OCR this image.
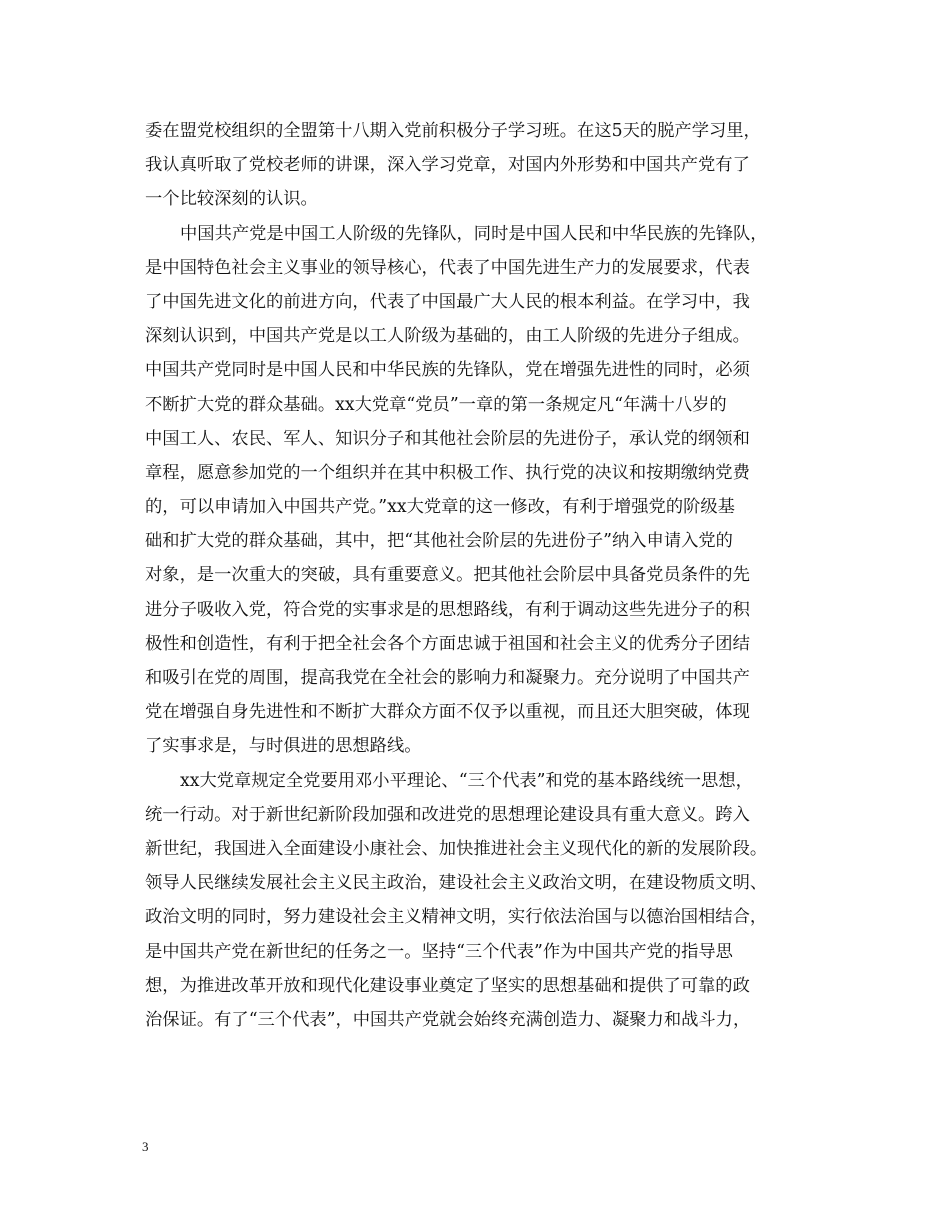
委在盟党校组织的全盟第十八期入党前积极分子学习班。在这5天的脱产学习里，
我认真听取了党校老师的讲课，深入学习党章，对国内外形势和中国共产党有了
一个比较深刻的认识。
中国共产党是中国工人阶级的先锋队，同时是中国人民和中华民族的先锋队，
是中国特色社会主义事业的领导核心，代表了中国先进生产力的发展要求，代表
了中国先进文化的前进方向，代表了中国最广大人民的根本利益。在学习中，我
深刻认识到，中国共产党是以工人阶级为基础的，由工人阶级的先进分子组成。
中国共产党同时是中国人民和中华民族的先锋队，党在增强先进性的同时，必须
不断扩大党的群众基础。xx大党章“党员”一章的第一条规定凡“年满十八岁的
中国工人、农民、军人、知识分子和其他社会阶层的先进份子，承认党的纲领和
章程，愿意参加党的一个组织并在其中积极工作、执行党的决议和按期缴纳党费
的，可以申请加入中国共产党。”xx大党章的这一修改，有利于增强党的阶级基
础和扩大党的群众基础，其中，把“其他社会阶层的先进份子”纳入申请入党的
对象，是一次重大的突破，具有重要意义。把其他社会阶层中具备党员条件的先
进分子吸收入党，符合党的实事求是的思想路线，有利于调动这些先进分子的积
极性和创造性，有利于把全社会各个方面忠诚于祖国和社会主义的优秀分子团结
和吸引在党的周围，提高我党在全社会的影响力和凝聚力。充分说明了中国共产
党在增强自身先进性和不断扩大群众方面不仅予以重视，而且还大胆突破，体现
了实事求是，与时俱进的思想路线。
xx大党章规定全党要用邓小平理论、“三个代表”和党的基本路线统一思想，
统一行动。对于新世纪新阶段加强和改进党的思想理论建设具有重大意义。跨入
新世纪，我国进入全面建设小康社会、加快推进社会主义现代化的新的发展阶段。
领导人民继续发展社会主义民主政治，建设社会主义政治文明，在建设物质文明、
政治文明的同时，努力建设社会主义精神文明，实行依法治国与以德治国相结合，
是中国共产党在新世纪的任务之一。坚持“三个代表”作为中国共产党的指导思
想，为推进改革开放和现代化建设事业奠定了坚实的思想基础和提供了可靠的政
治保证。有了“三个代表”，中国共产党就会始终充满创造力、凝聚力和战斗力，
3
